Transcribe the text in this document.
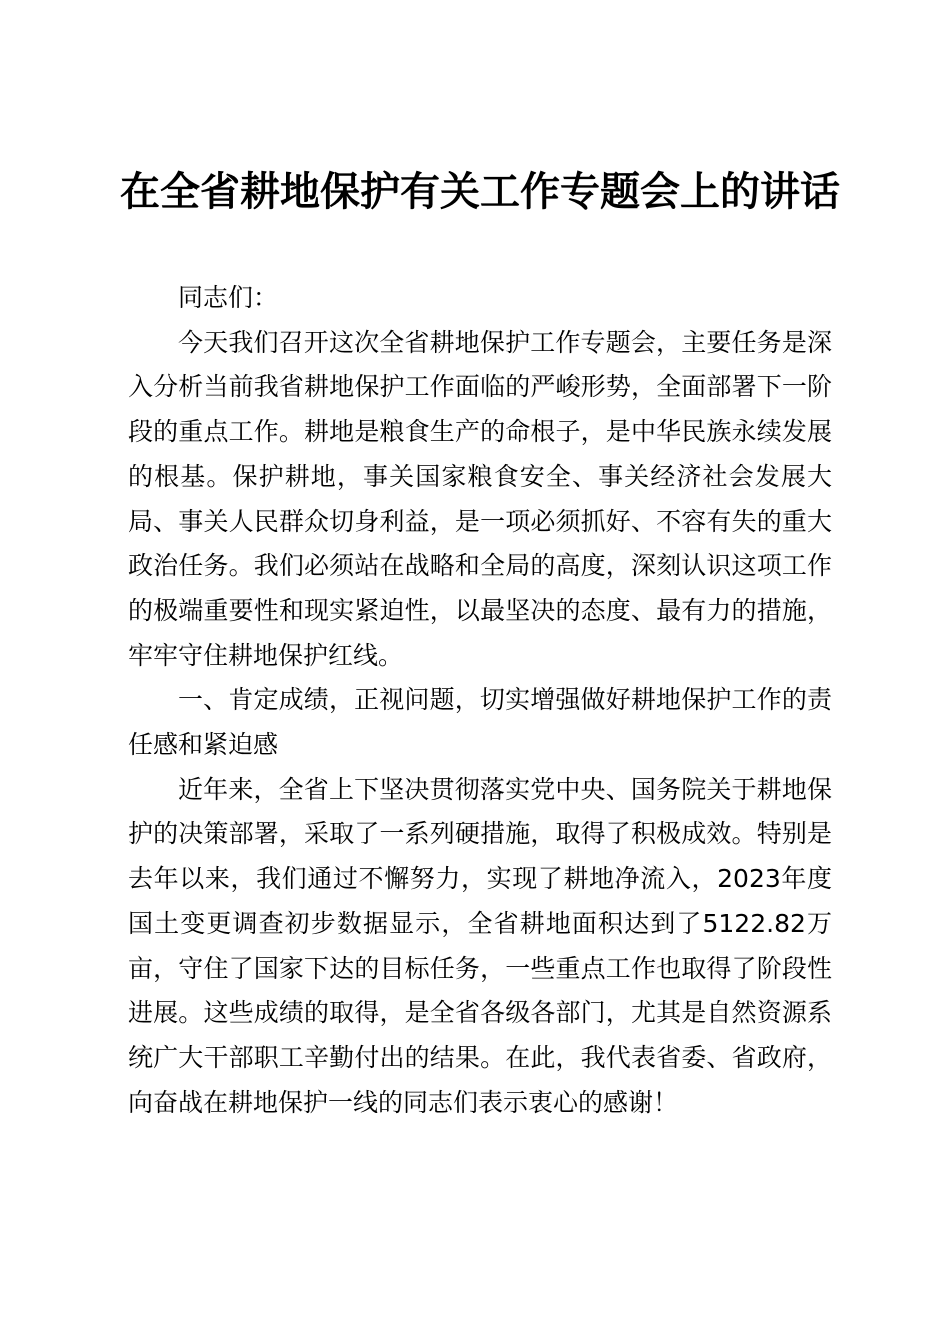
在全省耕地保护有关工作专题会上的讲话

同志们：

今天我们召开这次全省耕地保护工作专题会，主要任务是深入分析当前我省耕地保护工作面临的严峻形势，全面部署下一阶段的重点工作。耕地是粮食生产的命根子，是中华民族永续发展的根基。保护耕地，事关国家粮食安全、事关经济社会发展大局、事关人民群众切身利益，是一项必须抓好、不容有失的重大政治任务。我们必须站在战略和全局的高度，深刻认识这项工作的极端重要性和现实紧迫性，以最坚决的态度、最有力的措施，牢牢守住耕地保护红线。

一、肯定成绩，正视问题，切实增强做好耕地保护工作的责任感和紧迫感

近年来，全省上下坚决贯彻落实党中央、国务院关于耕地保护的决策部署，采取了一系列硬措施，取得了积极成效。特别是去年以来，我们通过不懈努力，实现了耕地净流入，2023年度国土变更调查初步数据显示，全省耕地面积达到了5122.82万亩，守住了国家下达的目标任务，一些重点工作也取得了阶段性进展。这些成绩的取得，是全省各级各部门，尤其是自然资源系统广大干部职工辛勤付出的结果。在此，我代表省委、省政府，向奋战在耕地保护一线的同志们表示衷心的感谢！
